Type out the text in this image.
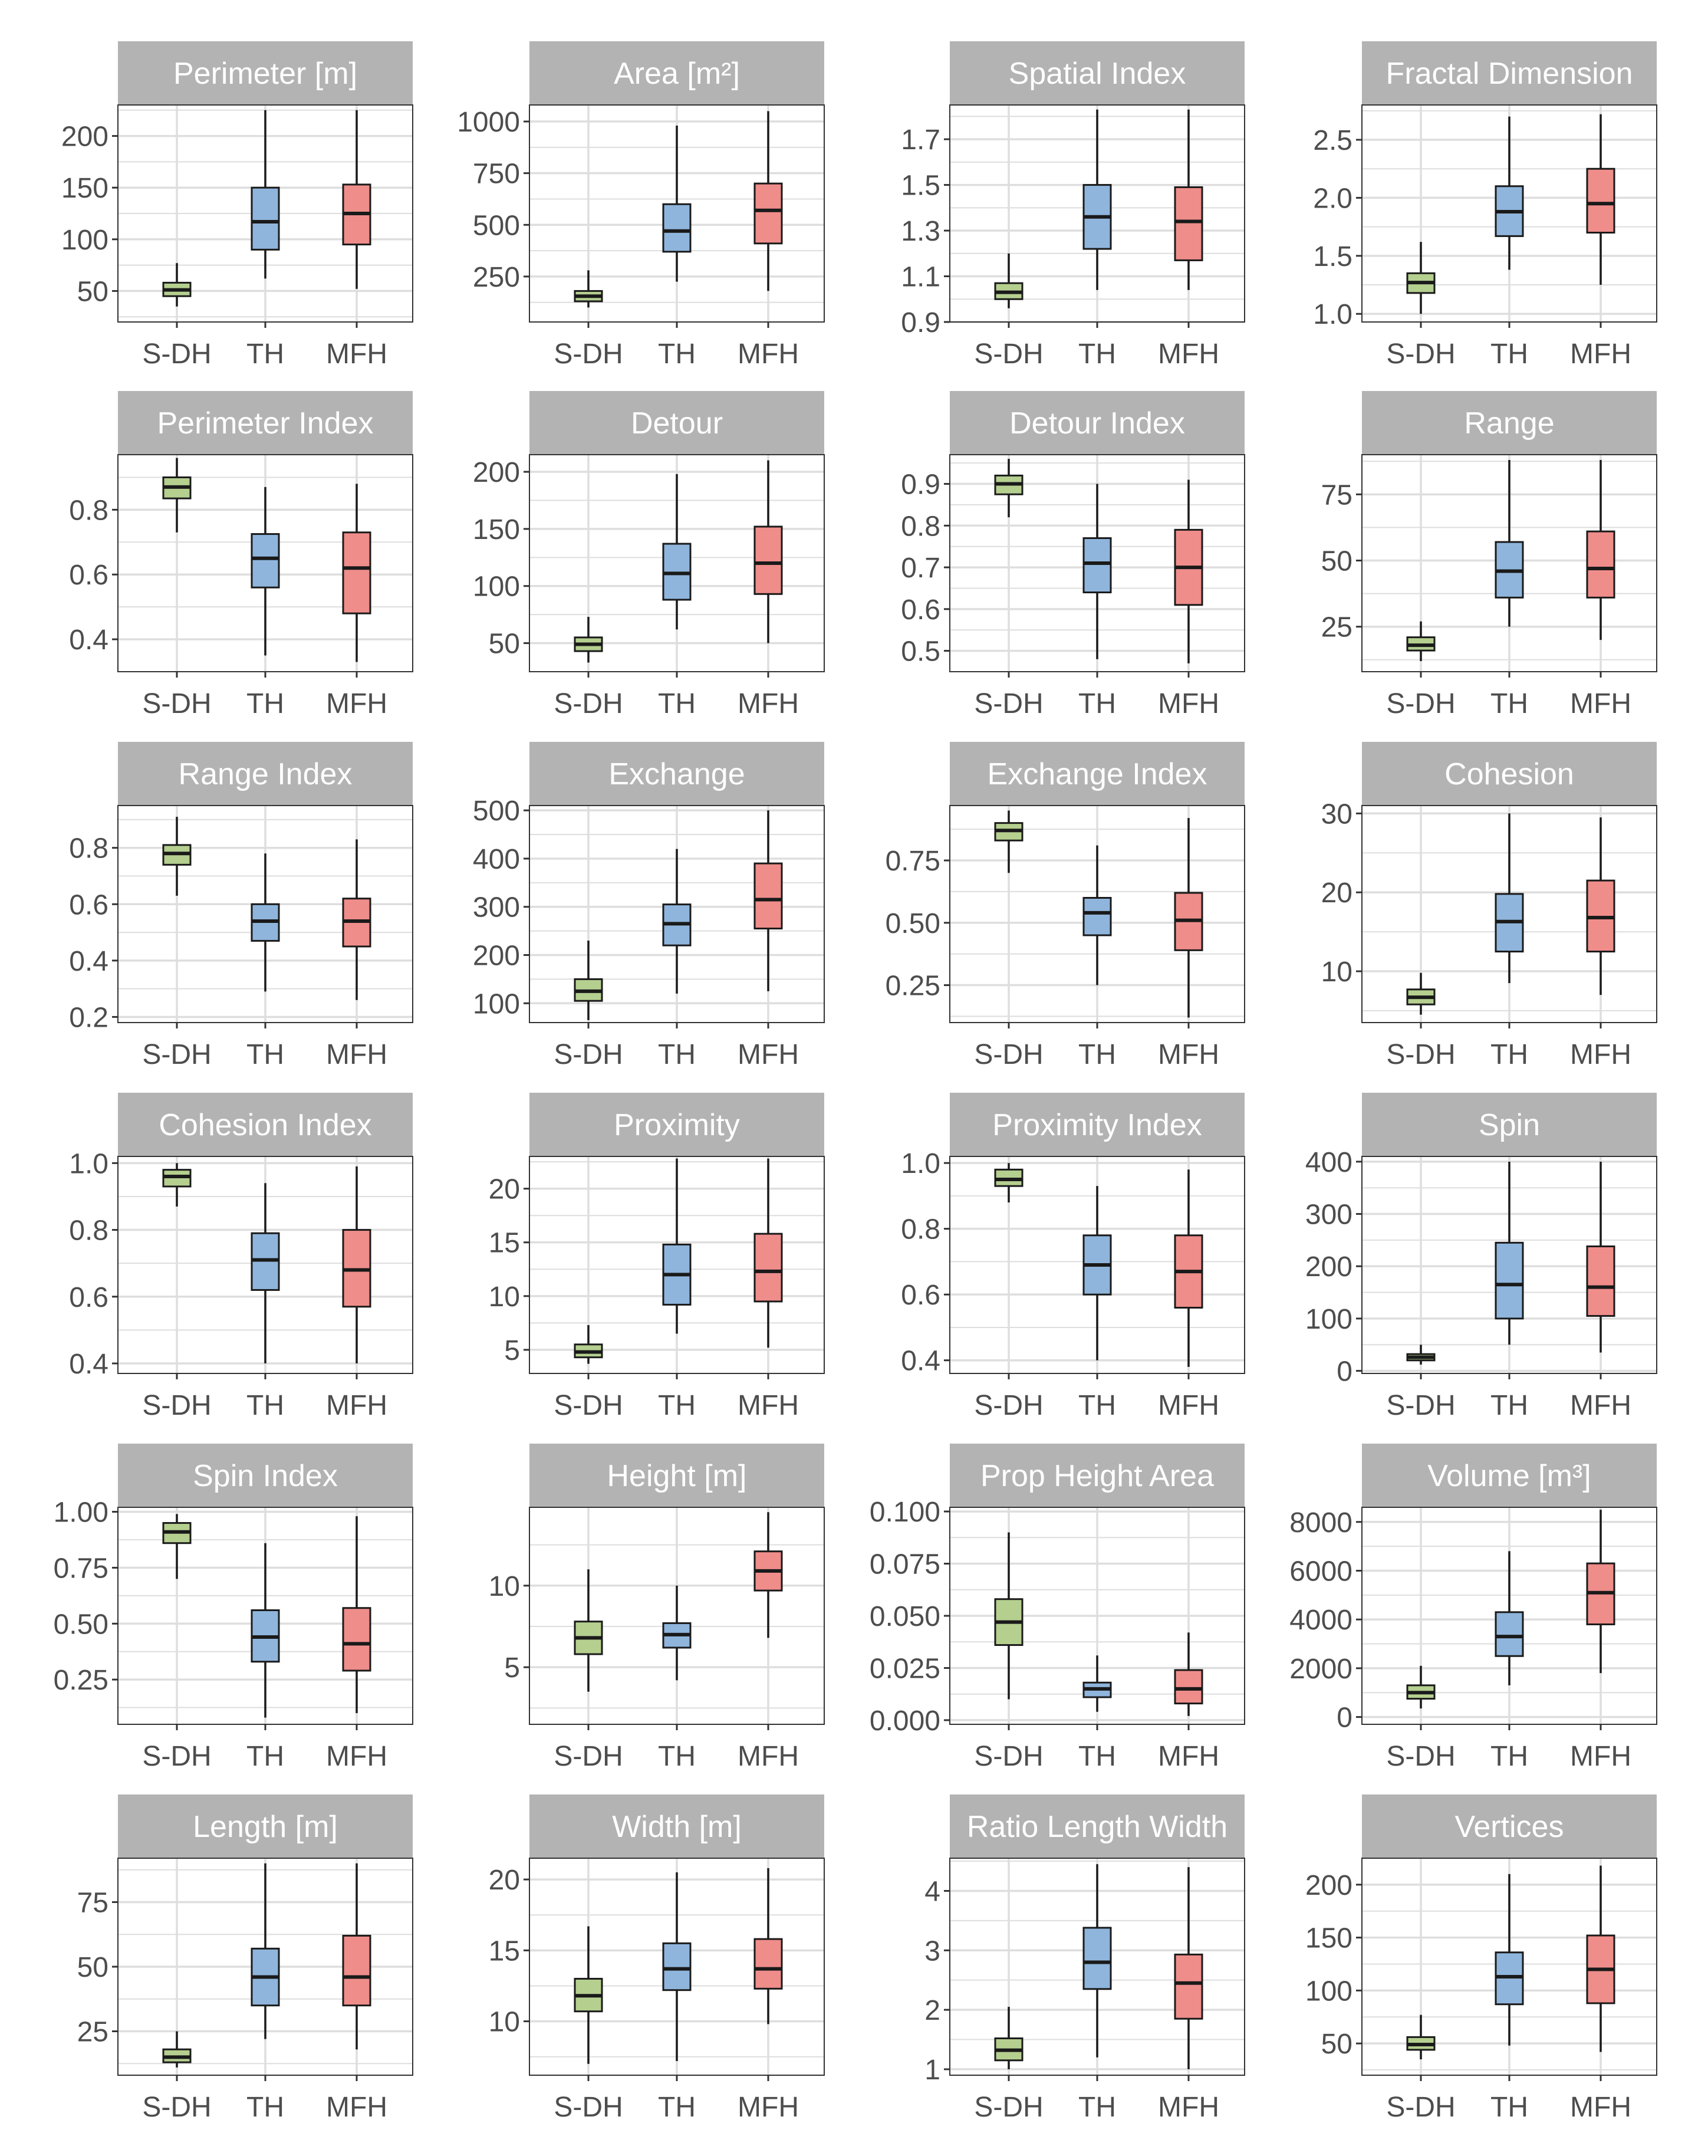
Perimeter [m]
50
100
150
200
S-DH TH MFH
Area [m²]
250
500
750
1000
S-DH TH MFH
Spatial Index
0.9
1.1
1.3
1.5
1.7
S-DH TH MFH
Fractal Dimension
1.0
1.5
2.0
2.5
S-DH TH MFH
Perimeter Index
0.4
0.6
0.8
S-DH TH MFH
Detour
50
100
150
200
S-DH TH MFH
Detour Index
0.5
0.6
0.7
0.8
0.9
S-DH TH MFH
Range
25
50
75
S-DH TH MFH
Range Index
0.2
0.4
0.6
0.8
S-DH TH MFH
Exchange
100
200
300
400
500
S-DH TH MFH
Exchange Index
0.25
0.50
0.75
S-DH TH MFH
Cohesion
10
20
30
S-DH TH MFH
Cohesion Index
0.4
0.6
0.8
1.0
S-DH TH MFH
Proximity
5
10
15
20
S-DH TH MFH
Proximity Index
0.4
0.6
0.8
1.0
S-DH TH MFH
Spin
0
100
200
300
400
S-DH TH MFH
Spin Index
0.25
0.50
0.75
1.00
S-DH TH MFH
Height [m]
5
10
S-DH TH MFH
Prop Height Area
0.000
0.025
0.050
0.075
0.100
S-DH TH MFH
Volume [m³]
0
2000
4000
6000
8000
S-DH TH MFH
Length [m]
25
50
75
S-DH TH MFH
Width [m]
10
15
20
S-DH TH MFH
Ratio Length Width
1
2
3
4
S-DH TH MFH
Vertices
50
100
150
200
S-DH TH MFH
